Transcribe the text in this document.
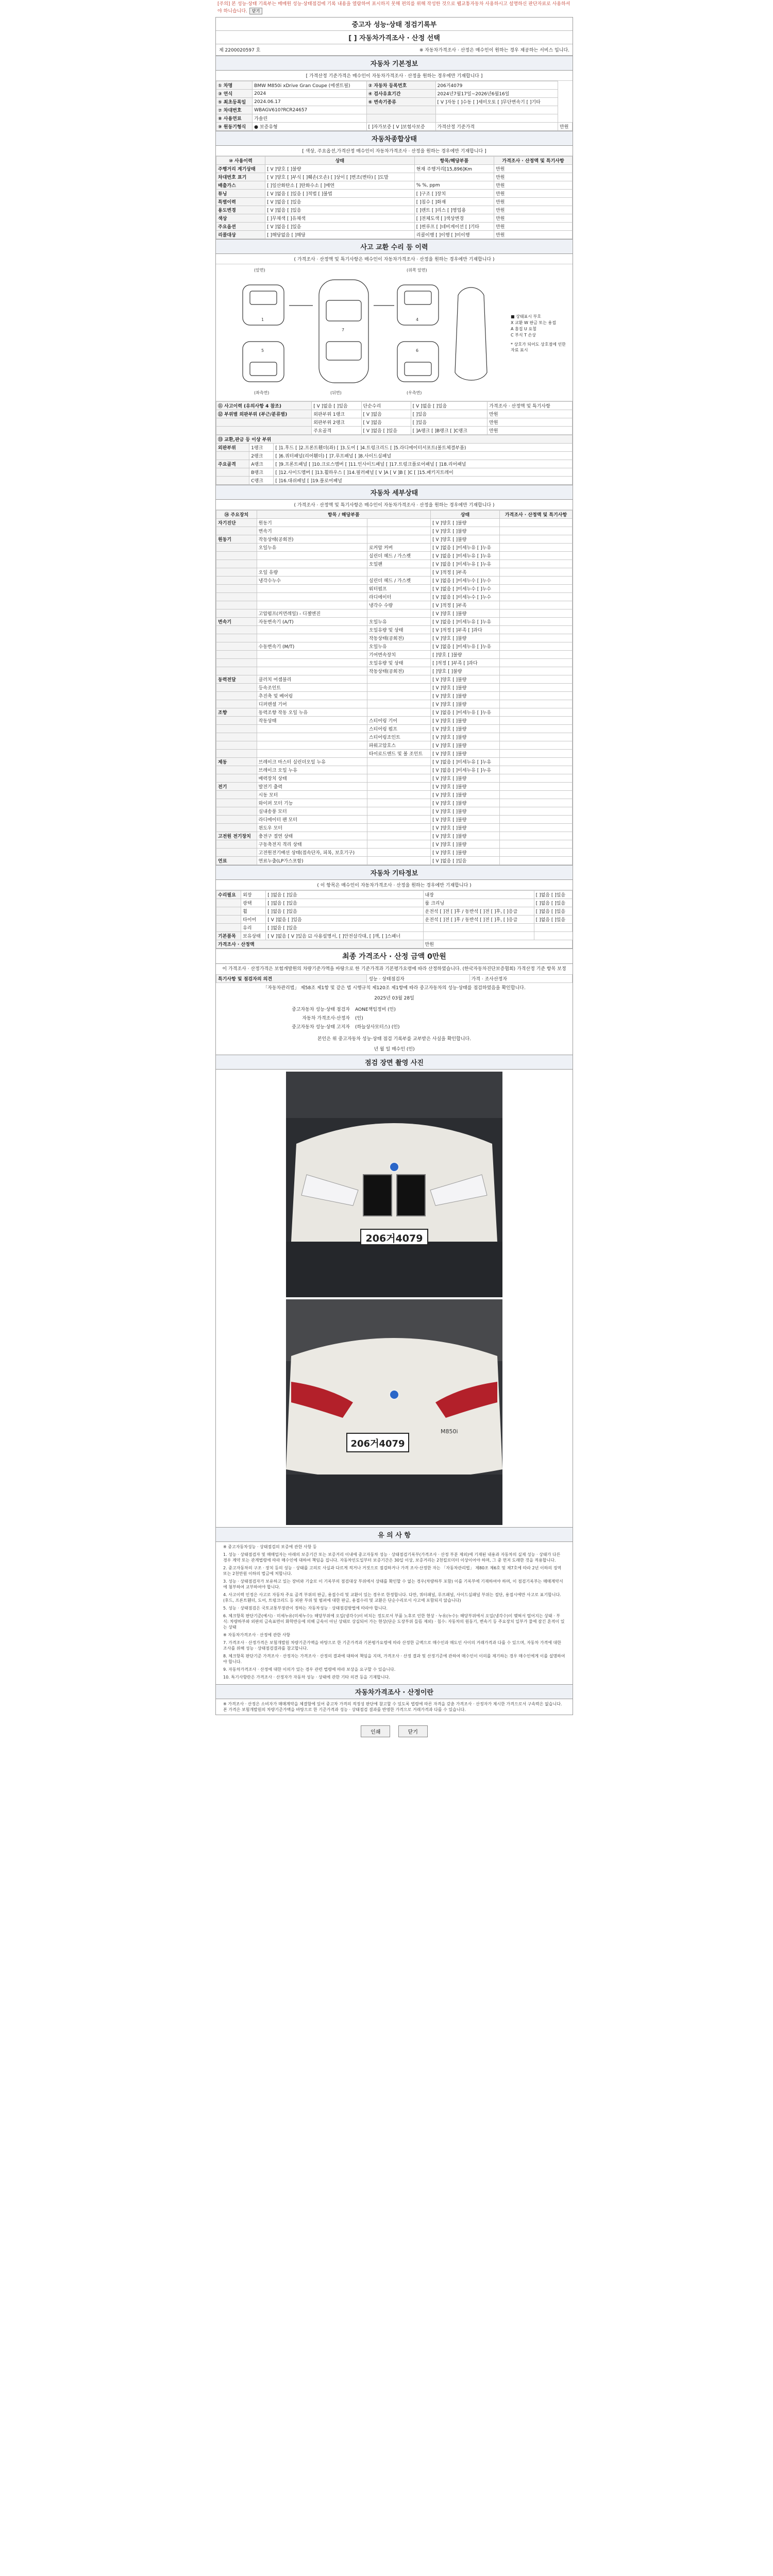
[주의] 본 성능·상태 기록부는 매매원 성능·상태점검에 기록 내용을 열람하여 표시하지 못해 편의를 위해 작성한 것으로 웹교통자동차 사용하시고 설명하신 판단자료로 사용하셔야 하니습니다. 닫기
중고자 성능·상태 정검기록부
[ ] 자동차가격조사 · 산정 선택
제 2200020597 호	※ 자동차가격조사 · 산정은 매수인이 원하는 경우 제공하는 서비스 입니다.
자동차 기본정보
[ 가격산정 기준가격은 매수인이 자동차가격조사 · 산정을 원하는 경우에만 기재합니다 ]
① 차명	BMW M850i xDrive Gran Coupe (에센트필)	② 자동차 등록번호	206거4079	
③ 연식	2024	④ 검사유효기간	2024년7월17일~2026년6월16일	
⑤ 최초등록일	2024.06.17	⑥ 변속기종류	[ V ]자동 [ ]수동 [ ]세미오토 [ ]무단변속기 [ ]기타	
⑦ 차대번호	WBAGV610?RCR24657			
⑧ 사용연료	가솔린			
⑨ 원동기형식	● 보증유형	[ ]자가보증 [ V ]보험사보증	가격산정 기준가격	만원
자동차종합상태
[ 색상, 주요옵션,가격산정 매수인이 자동차가격조사 · 산정을 원하는 경우에만 기재합니다 ]
⑩ 사용이력	상태	항목/해당부품	가격조사 · 산정액 및 특기사항
주행거리 계기상태	[ V ]양호 [ ]불량	현재 주행거리[15,896]Km	만원
차대번호 표기	[ V ]양호 [ ]부식 [ ]훼손(오손) [ ]상이 [ ]변조(변타) [ ]도말		만원
배출가스	[ ]일산화탄소 [ ]탄화수소 [ ]매연	% %, ppm	만원
튜닝	[ V ]없음 [ ]있음 [ ]적법 [ ]불법	[ ]구조 [ ]장치	만원
특별이력	[ V ]없음 [ ]있음	[ ]침수 [ ]화재	만원
용도변경	[ V ]없음 [ ]있음	[ ]렌트 [ ]리스 [ ]영업용	만원
색상	[ ]무채색 [ ]유채색	[ ]전체도색 [ ]색상변경	만원
주요옵션	[ V ]없음 [ ]있음	[ ]썬루프 [ ]네비게이션 [ ]기타	만원
리콜대상	[ ]해당없음 [ ]해당	리콜이행 [ ]이행 [ ]미이행	만원
사고 교환 수리 등 이력
( 가격조사 · 산정액 및 특기사항은 매수인이 자동차가격조사 · 산정을 원하는 경우에만 기재합니다 )
1
7
4
5	6
(앞면)	(위쪽 앞면)
(좌측면)	(뒤면)	(우측면)
■ 상태표시 부호
X 교환 W 판금 또는 용접
A 흠집 U 요철
C 부식 T 손상
* 상호가 되어도 상호점에 인한 자료 표시
⑪ 사고이력 (유의사항 4 참조)	[ V ]없음 [ ]있음	단순수리	[ V ]없음 [ ]있음	가격조사 · 산정액 및 특기사항
⑫ 부위별 외판부위 (부근/분류별)	외판부위 1랭크	[ V ]없음	[ ]있음	만원
	외판부위 2랭크	[ V ]없음	[ ]있음	만원
	주요골격	[ V ]없음 [ ]있음	[ ]A랭크 [ ]B랭크 [ ]C랭크	만원
⑬ 교환,판금 등 이상 부위		
외판부위	1랭크	[ ]1.후드 [ ]2.프론트휀더(좌) [ ]3.도어 [ ]4.트렁크리드 [ ]5.라디에이터서포트(볼트체결부품)
	2랭크	[ ]6.쿼터패널(리어휀더) [ ]7.루프패널 [ ]8.사이드실패널
주요골격	A랭크	[ ]9.프론트패널 [ ]10.크로스멤버 [ ]11.인사이드패널 [ ]17.트렁크플로어패널 [ ]18.리어패널
	B랭크	[ ]12.사이드멤버 [ ]13.휠하우스 [ ]14.필러패널 [ V ]A [ V ]B [ ]C [ ]15.패키지트레이
	C랭크	[ ]16.대쉬패널 [ ]19.플로어패널
자동차 세부상태
( 가격조사 · 산정액 및 특기사항은 매수인이 자동차가격조사 · 산정을 원하는 경우에만 기재합니다 )
⑭ 주요장치	항목 / 해당부품		상태	가격조사 · 산정액 및 특기사항
자기진단	원동기		[ V ]양호 [ ]불량	
	변속기		[ V ]양호 [ ]불량	
원동기	작동상태(공회전)		[ V ]양호 [ ]불량	
	오일누유	로커암 커버	[ V ]없음 [ ]미세누유 [ ]누유	
		실린더 헤드 / 가스켓	[ V ]없음 [ ]미세누유 [ ]누유	
		오일팬	[ V ]없음 [ ]미세누유 [ ]누유	
	오일 유량		[ V ]적정 [ ]부족	
	냉각수누수	실린더 헤드 / 가스켓	[ V ]없음 [ ]미세누수 [ ]누수	
		워터펌프	[ V ]없음 [ ]미세누수 [ ]누수	
		라디에이터	[ V ]없음 [ ]미세누수 [ ]누수	
		냉각수 수량	[ V ]적정 [ ]부족	
	고압펌프(커먼레일) - 디젤엔진		[ V ]양호 [ ]불량	
변속기	자동변속기 (A/T)	오일누유	[ V ]없음 [ ]미세누유 [ ]누유	
		오일유량 및 상태	[ V ]적정 [ ]부족 [ ]과다	
		작동상태(공회전)	[ V ]양호 [ ]불량	
	수동변속기 (M/T)	오일누유	[ V ]없음 [ ]미세누유 [ ]누유	
		기어변속장치	[ ]양호 [ ]불량	
		오일유량 및 상태	[ ]적정 [ ]부족 [ ]과다	
		작동상태(공회전)	[ ]양호 [ ]불량	
동력전달	클러치 어셈블리		[ V ]양호 [ ]불량	
	등속조인트		[ V ]양호 [ ]불량	
	추진축 및 베어링		[ V ]양호 [ ]불량	
	디퍼렌셜 기어		[ V ]양호 [ ]불량	
조향	동력조향 작동 오일 누유		[ V ]없음 [ ]미세누유 [ ]누유	
	작동상태	스티어링 기어	[ V ]양호 [ ]불량	
		스티어링 펌프	[ V ]양호 [ ]불량	
		스티어링조인트	[ V ]양호 [ ]불량	
		파워고압호스	[ V ]양호 [ ]불량	
		타이로드엔드 및 볼 조인트	[ V ]양호 [ ]불량	
제동	브레이크 마스터 실린더오일 누유		[ V ]없음 [ ]미세누유 [ ]누유	
	브레이크 오일 누유		[ V ]없음 [ ]미세누유 [ ]누유	
	배력장치 상태		[ V ]양호 [ ]불량	
전기	발전기 출력		[ V ]양호 [ ]불량	
	시동 모터		[ V ]양호 [ ]불량	
	와이퍼 모터 기능		[ V ]양호 [ ]불량	
	실내송풍 모터		[ V ]양호 [ ]불량	
	라디에이터 팬 모터		[ V ]양호 [ ]불량	
	윈도우 모터		[ V ]양호 [ ]불량	
고전원 전기장치	충전구 절연 상태		[ V ]양호 [ ]불량	
	구동축전지 격리 상태		[ V ]양호 [ ]불량	
	고전원전기배선 상태(접속단자, 피복, 보호기구)		[ V ]양호 [ ]불량	
연료	연료누출(LP가스포함)		[ V ]없음 [ ]있음	
자동차 기타정보
( 이 항목은 매수인이 자동차가격조사 · 산정을 원하는 경우에만 기재합니다 )
수리필요	외장	[ ]없음 [ ]있음	내장	[ ]없음 [ ]있음
	광택	[ ]없음 [ ]있음	룸 크리닝	[ ]없음 [ ]있음
	휠	[ ]없음 [ ]있음	운전석 [ ]전 [ ]후 / 동반석 [ ]전 [ ]후, [ ]응급	[ ]없음 [ ]있음
	타이어	[ V ]없음 [ ]있음	운전석 [ ]전 [ ]후 / 동반석 [ ]전 [ ]후, [ ]응급	[ ]없음 [ ]있음
	유리	[ ]없음 [ ]있음		
기본품목	보유상태	[ V ]없음 [ V ]있음 ☑ 사용설명서, [ ]안전삼각대, [ ]잭, [ ]스패너		
가격조사 · 산정액			만원	
최종 가격조사 · 산정 금액 0만원
이 가격조사 · 산정가격은 보험개발원의 차량기준가액을 바탕으로 한 기준가격과 기본평가요령에 따라 산정하였습니다. (한국자동차진단보증협회) 가격산정 기준 항목 보정
특기사항 및 점검자의 의견	성능 · 상태점검자	가격 · 조사산정자
「자동차관리법」 제58조 제1항 및 같은 법 시행규칙 제120조 제1항에 따라 중고자동차의 성능·상태를 점검하였음을 확인합니다.
2025년 03월 28일
중고자동차 성능·상태 점검자	AONE책임정비 (인)
자동차 가격조사·산정자	(인)
중고자동차 성능·상태 고지자	(하늘상사모터스) (인)
본인은 위 중고자동차 성능·상태 점검 기록부를 교부받은 사실을 확인합니다.
년 월 일 매수인 (인)
점검 장면 촬영 사진
206거4079
206거4079
M850i
유 의 사 항

※ 중고자동차성능 · 상태점검의 보증에 관한 사항 등

1. 성능 · 상태점검자 및 매매업자는 아래의 보증기간 또는 보증거리 이내에 중고자동차 성능 · 상태점검기록부(가격조사 · 산정 부분 제외)에 기재된 내용과 자동차의 실제 성능 · 상태가 다른 경우 계약 또는 관계법령에 따라 매수인에 대하여 책임을 집니다. 자동차인도일부터 보증기간은 30일 이상, 보증거리는 2천킬로미터 이상이어야 하며, 그 중 먼저 도래한 것을 적용합니다.

2. 중고자동차의 구조 · 장치 등의 성능 · 상태를 고의로 사실과 다르게 적거나 거짓으로 점검하거나 가격 조사·산정한 자는 「자동차관리법」 제80조 제6호 및 제7호에 따라 2년 이하의 징역 또는 2천만원 이하의 벌금에 처합니다.

3. 성능 · 상태점검자가 보유하고 있는 장비와 기술로 이 기록부의 점검대상 부위에서 상태를 확인할 수 없는 경우(차량하부 포함) 이를 기록부에 기재하여야 하며, 이 점검기록부는 매매계약서에 첨부하여 교부하여야 합니다.

4. 사고이력 인정은 사고로 자동차 주요 골격 부위의 판금, 용접수리 및 교환이 있는 경우로 한정합니다. 다만, 쿼터패널, 루프패널, 사이드실패널 부위는 절단, 용접시에만 사고로 표기합니다. (후드, 프론트휀더, 도어, 트렁크리드 등 외판 부위 및 범퍼에 대한 판금, 용접수리 및 교환은 단순수리로서 사고에 포함되지 않습니다)

5. 성능 · 상태점검은 국토교통부장관이 정하는 자동차성능 · 상태점검방법에 따라야 합니다.

6. 체크항목 판단기준(예시) · 미세누유(미세누수): 해당부위에 오일(냉각수)이 비치는 정도로서 부품 노후로 인한 현상 · 누유(누수): 해당부위에서 오일(냉각수)이 맺혀서 떨어지는 상태 · 부식: 차량하부와 외판의 금속표면이 화학반응에 의해 금속이 아닌 상태로 상실되어 가는 현상(단순 도장부위 들뜸 제외) · 침수: 자동차의 원동기, 변속기 등 주요장치 일부가 물에 잠긴 흔적이 있는 상태

※ 자동차가격조사 · 산정에 관한 사항

7. 가격조사 · 산정가격은 보험개발원 차량기준가액을 바탕으로 한 기준가격과 기본평가요령에 따라 산정한 금액으로 매수인과 매도인 사이의 거래가격과 다를 수 있으며, 자동차 가격에 대한 조사를 위해 성능 · 상태점검결과를 참고합니다.

8. 체크항목 판단기준 가격조사 · 산정자는 가격조사 · 산정의 결과에 대하여 책임을 지며, 가격조사 · 산정 결과 및 산정기준에 관하여 매수인이 이의를 제기하는 경우 매수인에게 이를 설명하여야 합니다.

9. 자동차가격조사 · 산정에 대한 이의가 있는 경우 관련 법령에 따라 보상을 요구할 수 있습니다.

10. 특기사항란은 가격조사 · 산정자가 자동차 성능 · 상태에 관한 기타 의견 등을 기재합니다.

자동차가격조사 · 산정이란
※ 가격조사 · 산정은 소비자가 매매계약을 체결함에 있어 중고차 가격의 적정성 판단에 참고할 수 있도록 법령에 따른 자격을 갖춘 가격조사 · 산정자가 제시한 가격으로서 구속력은 없습니다. 본 가격은 보험개발원의 차량기준가액을 바탕으로 한 기준가격과 성능 · 상태점검 결과를 반영한 가격으로 거래가격과 다를 수 있습니다.
인쇄	닫기
